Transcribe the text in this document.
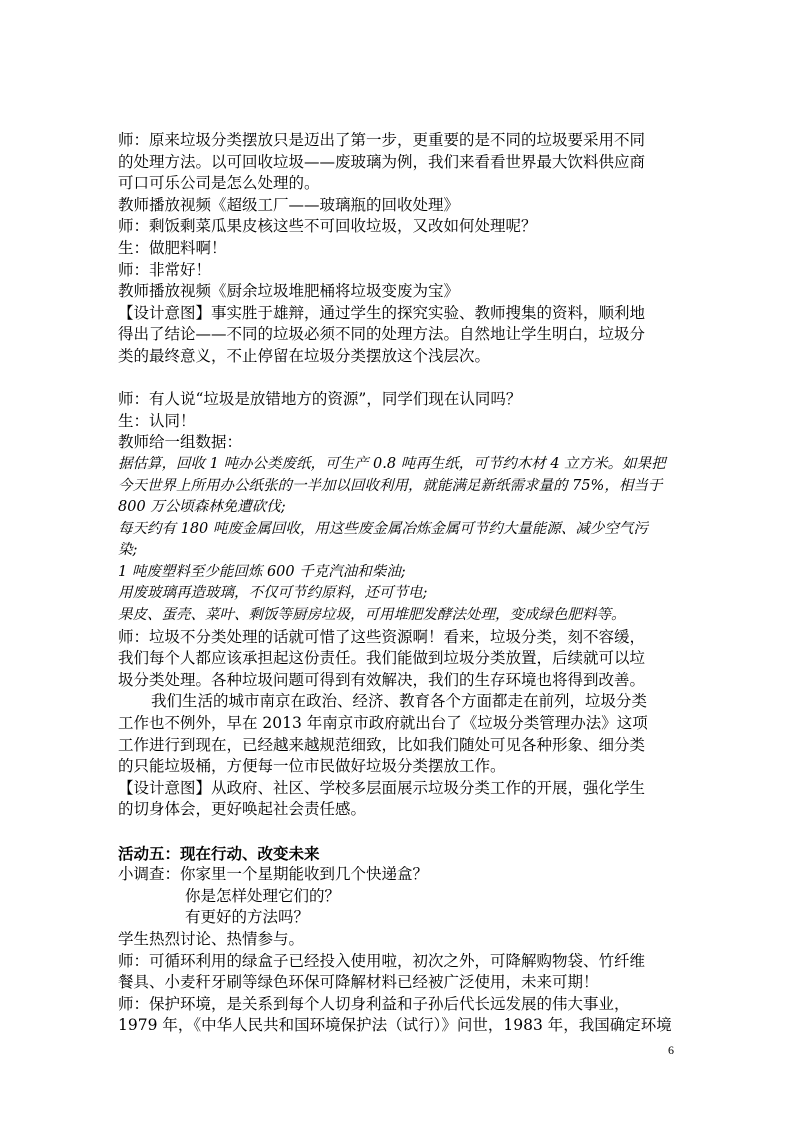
师：原来垃圾分类摆放只是迈出了第一步，更重要的是不同的垃圾要采用不同
的处理方法。以可回收垃圾——废玻璃为例，我们来看看世界最大饮料供应商
可口可乐公司是怎么处理的。
教师播放视频《超级工厂——玻璃瓶的回收处理》
师：剩饭剩菜瓜果皮核这些不可回收垃圾，又改如何处理呢？
生：做肥料啊！
师：非常好！
教师播放视频《厨余垃圾堆肥桶将垃圾变废为宝》
【设计意图】事实胜于雄辩，通过学生的探究实验、教师搜集的资料，顺利地
得出了结论——不同的垃圾必须不同的处理方法。自然地让学生明白，垃圾分
类的最终意义，不止停留在垃圾分类摆放这个浅层次。
师：有人说“垃圾是放错地方的资源”，同学们现在认同吗？
生：认同！
教师给一组数据：
据估算，回收 1 吨办公类废纸，可生产 0.8 吨再生纸，可节约木材 4 立方米。如果把
今天世界上所用办公纸张的一半加以回收利用，就能满足新纸需求量的 75%，相当于
800 万公顷森林免遭砍伐;
每天约有 180 吨废金属回收，用这些废金属冶炼金属可节约大量能源、减少空气污
染;
1 吨废塑料至少能回炼 600 千克汽油和柴油;
用废玻璃再造玻璃，不仅可节约原料，还可节电;
果皮、蛋壳、菜叶、剩饭等厨房垃圾，可用堆肥发酵法处理，变成绿色肥料等。
师：垃圾不分类处理的话就可惜了这些资源啊！看来，垃圾分类，刻不容缓，
我们每个人都应该承担起这份责任。我们能做到垃圾分类放置，后续就可以垃
圾分类处理。各种垃圾问题可得到有效解决，我们的生存环境也将得到改善。
我们生活的城市南京在政治、经济、教育各个方面都走在前列，垃圾分类
工作也不例外，早在 2013 年南京市政府就出台了《垃圾分类管理办法》这项
工作进行到现在，已经越来越规范细致，比如我们随处可见各种形象、细分类
的只能垃圾桶，方便每一位市民做好垃圾分类摆放工作。
【设计意图】从政府、社区、学校多层面展示垃圾分类工作的开展，强化学生
的切身体会，更好唤起社会责任感。
活动五：现在行动、改变未来
小调查：你家里一个星期能收到几个快递盒？
你是怎样处理它们的？
有更好的方法吗？
学生热烈讨论、热情参与。
师：可循环利用的绿盒子已经投入使用啦，初次之外，可降解购物袋、竹纤维
餐具、小麦秆牙刷等绿色环保可降解材料已经被广泛使用，未来可期！
师：保护环境，是关系到每个人切身利益和子孙后代长远发展的伟大事业，
1979 年，《中华人民共和国环境保护法（试行）》问世，1983 年，我国确定环境
6
